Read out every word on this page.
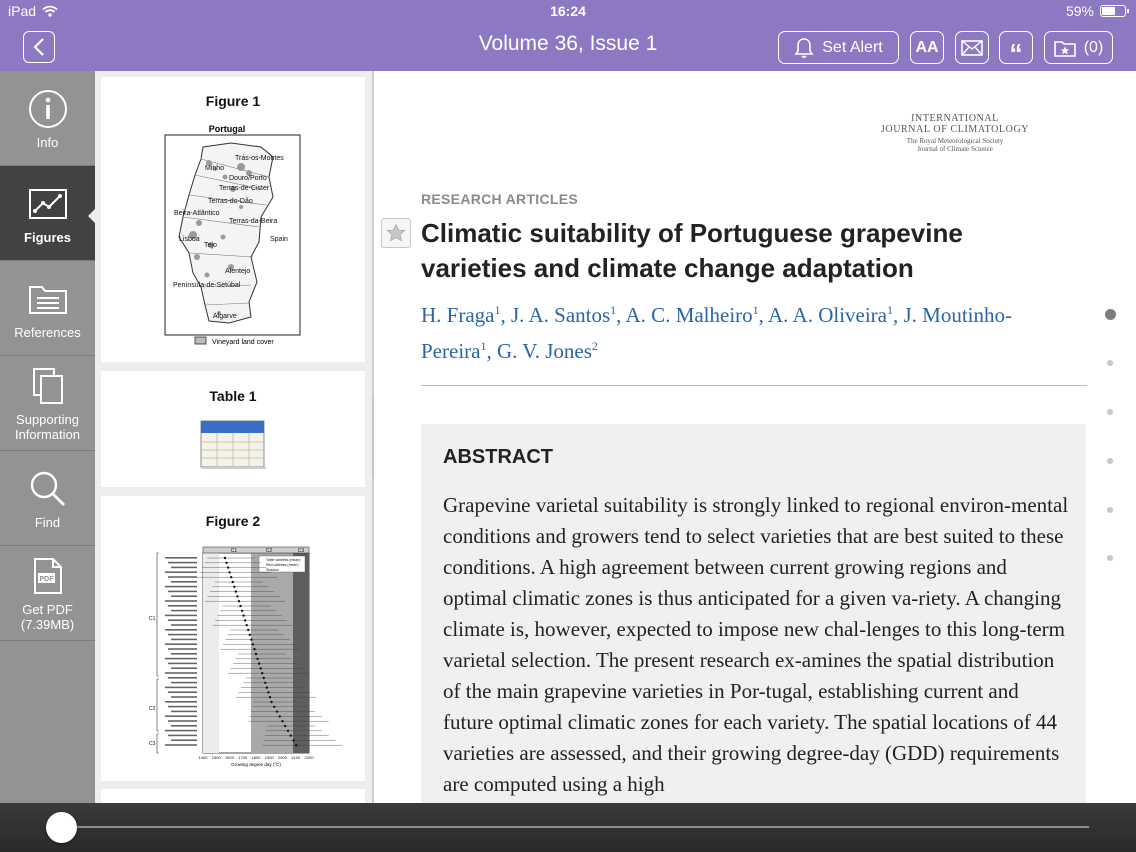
iPad	16:24	59%
Volume 36, Issue 1	Set Alert AA	“	(0)
Info
Figures
References
Supporting Information
Find
PDF
Get PDF (7.39MB)
Figure 1
Portugal
Minho
Trás-os-Montes
Douro/Porto
Terras-de-Cister
Terras-do-Dão
Beira-Atlântico
Terras-da-Beira
Spain
Lisboa
Tejo
Alentejo
Península-de-Setúbal
Algarve
Vineyard land cover
Table 1
Figure 2
C1	C2	C3
Table varieties (mean)
Red varieties (mean)
Shadow
C1
C2
C3
1400 1500 1600 1700 1800 1900 2000 2100 2200
Growing degree day (°C)
INTERNATIONAL
JOURNAL OF CLIMATOLOGY
The Royal Meteorological Society
Journal of Climate Science
RESEARCH ARTICLES
Climatic suitability of Portuguese grapevine varieties and climate change adaptation
H. Fraga$^1$, J. A. Santos$^1$, A. C. Malheiro$^1$, A. A. Oliveira$^1$, J. Moutinho-Pereira$^1$, G. V. Jones$^2$
ABSTRACT
Grapevine varietal suitability is strongly linked to regional environ-mental conditions and growers tend to select varieties that are best suited to these conditions. A high agreement between current growing regions and optimal climatic zones is thus anticipated for a given va-riety. A changing climate is, however, expected to impose new chal-lenges to this long-term varietal selection. The present research ex-amines the spatial distribution of the main grapevine varieties in Por-tugal, establishing current and future optimal climatic zones for each variety. The spatial locations of 44 varieties are assessed, and their growing degree-day (GDD) requirements are computed using a high
